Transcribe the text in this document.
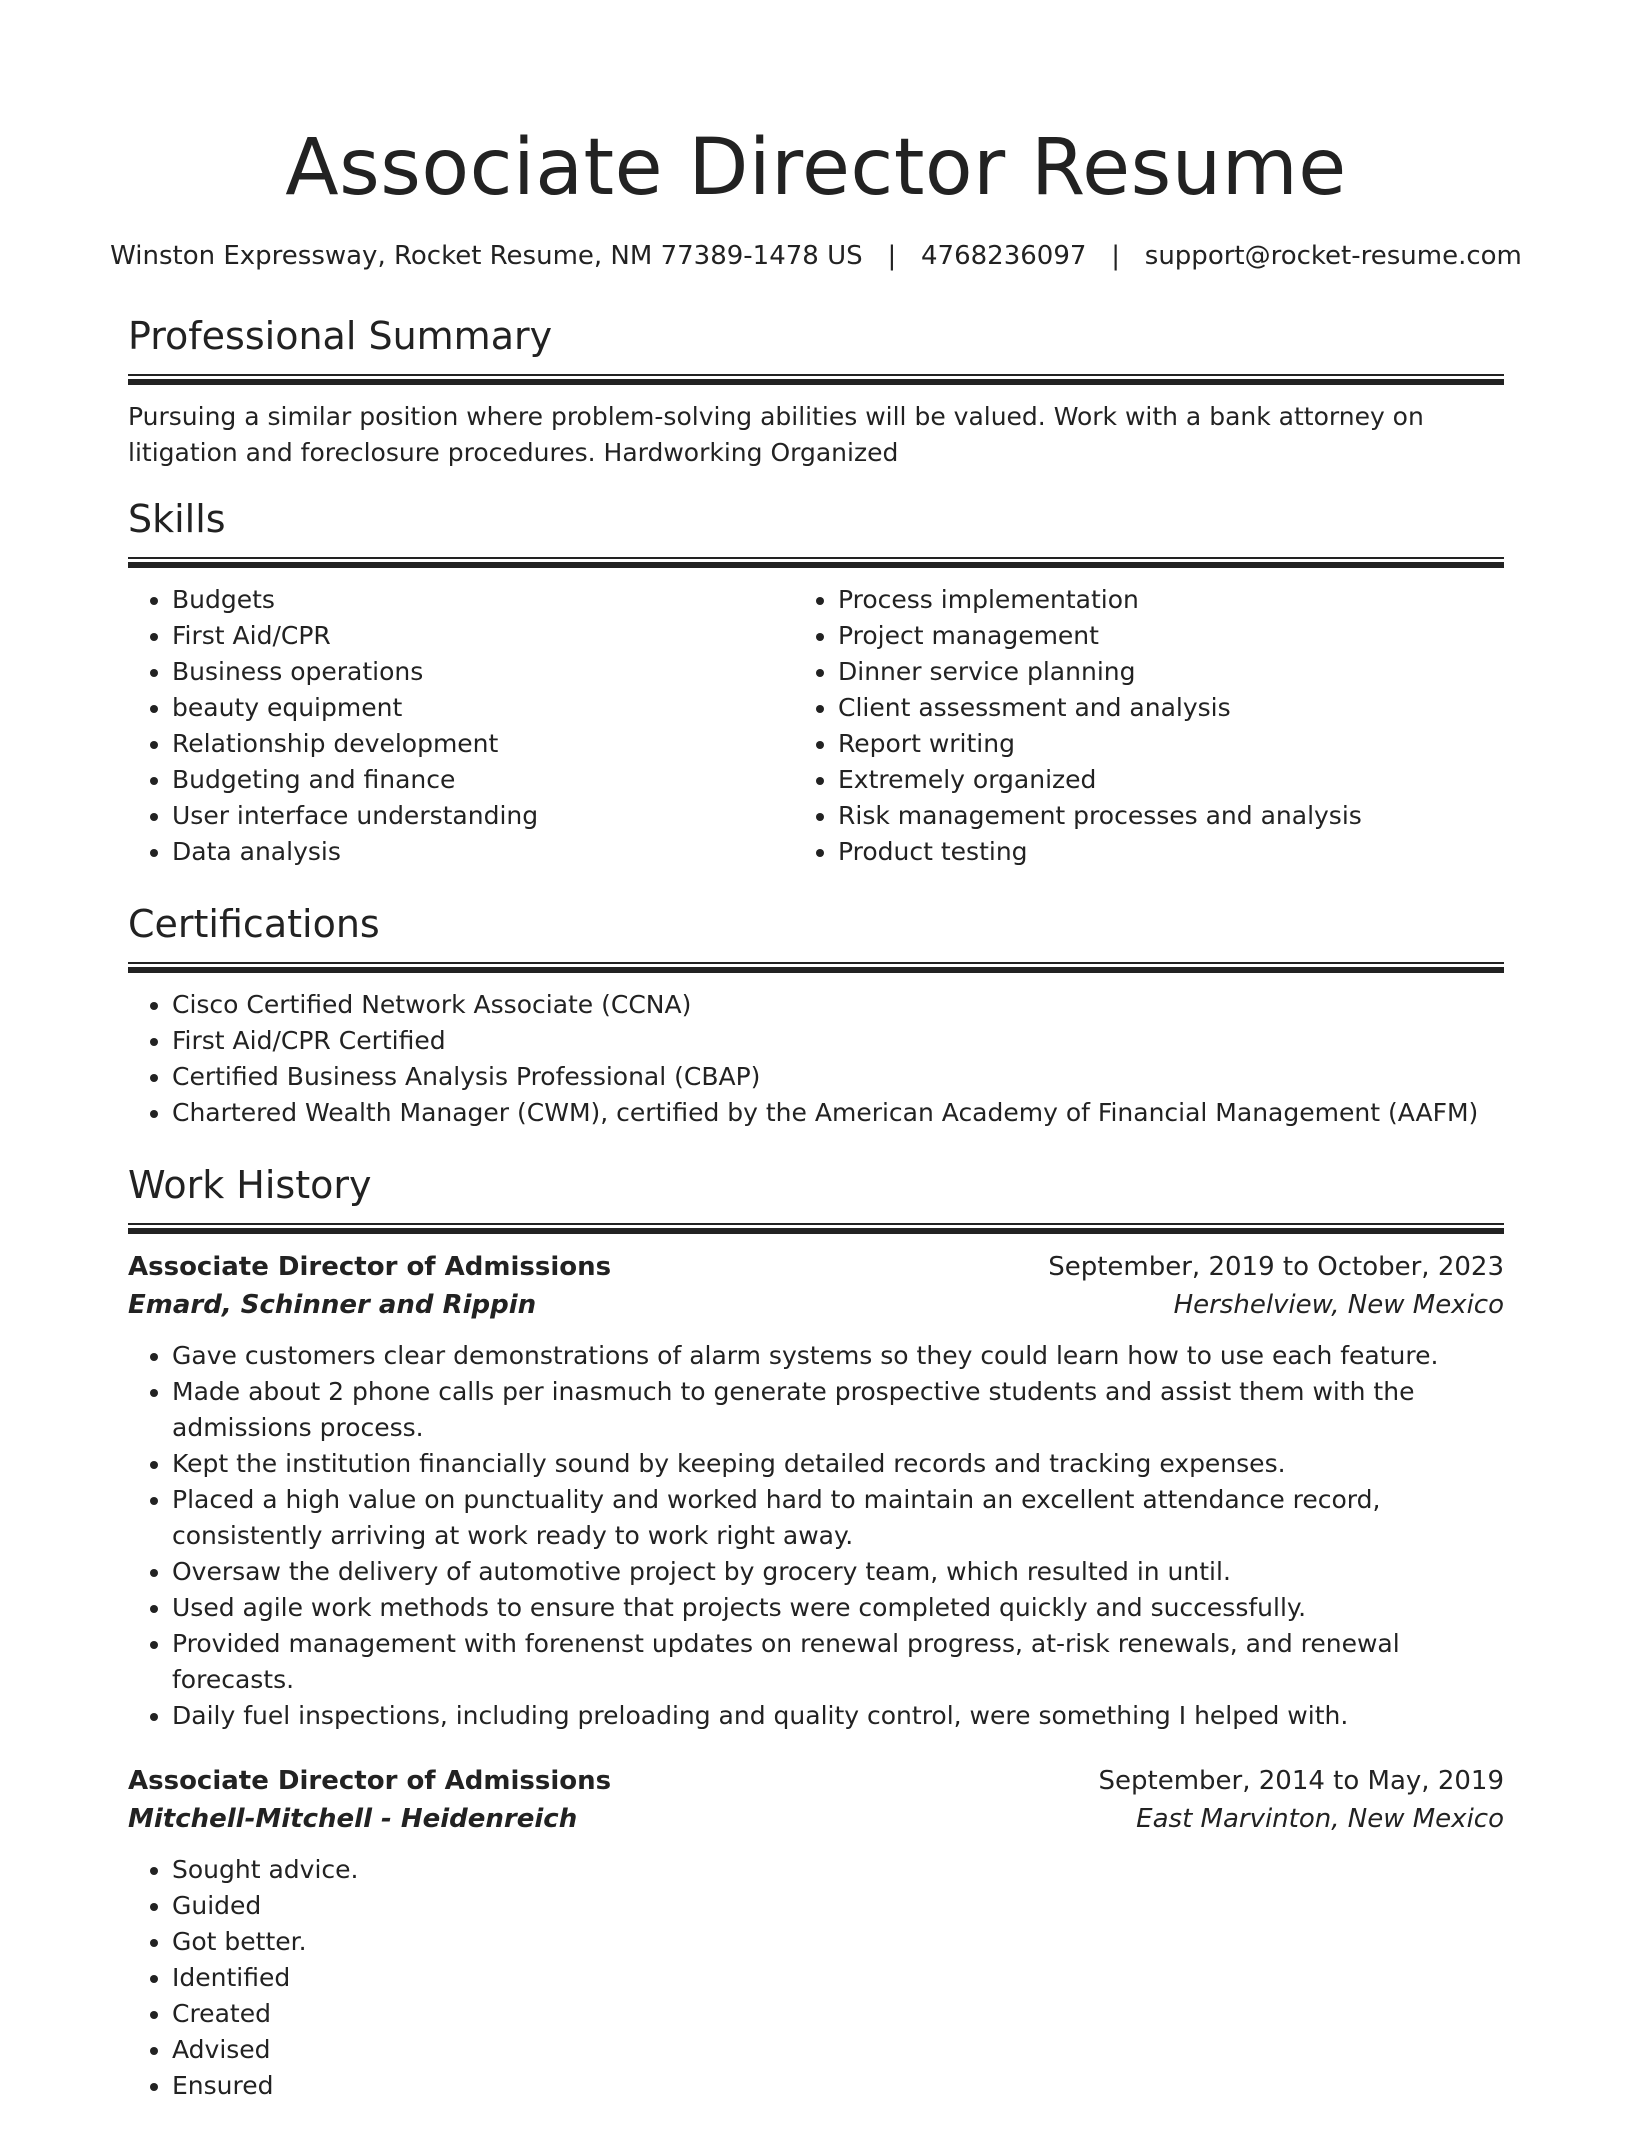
Associate Director Resume
Winston Expressway, Rocket Resume, NM 77389-1478 US | 4768236097 | support@rocket-resume.com
Professional Summary

Pursuing a similar position where problem-solving abilities will be valued. Work with a bank attorney on litigation and foreclosure procedures. Hardworking Organized

Skills
• Budgets
• First Aid/CPR
• Business operations
• beauty equipment
• Relationship development
• Budgeting and finance
• User interface understanding
• Data analysis
• Process implementation
• Project management
• Dinner service planning
• Client assessment and analysis
• Report writing
• Extremely organized
• Risk management processes and analysis
• Product testing
Certifications
• Cisco Certified Network Associate (CCNA)
• First Aid/CPR Certified
• Certified Business Analysis Professional (CBAP)
• Chartered Wealth Manager (CWM), certified by the American Academy of Financial Management (AAFM)
Work History
Associate Director of Admissions	September, 2019 to October, 2023
Emard, Schinner and Rippin	Hershelview, New Mexico
• Gave customers clear demonstrations of alarm systems so they could learn how to use each feature.
• Made about 2 phone calls per inasmuch to generate prospective students and assist them with the admissions process.
• Kept the institution financially sound by keeping detailed records and tracking expenses.
• Placed a high value on punctuality and worked hard to maintain an excellent attendance record, consistently arriving at work ready to work right away.
• Oversaw the delivery of automotive project by grocery team, which resulted in until.
• Used agile work methods to ensure that projects were completed quickly and successfully.
• Provided management with forenenst updates on renewal progress, at-risk renewals, and renewal forecasts.
• Daily fuel inspections, including preloading and quality control, were something I helped with.
Associate Director of Admissions	September, 2014 to May, 2019
Mitchell-Mitchell - Heidenreich	East Marvinton, New Mexico
• Sought advice.
• Guided
• Got better.
• Identified
• Created
• Advised
• Ensured
